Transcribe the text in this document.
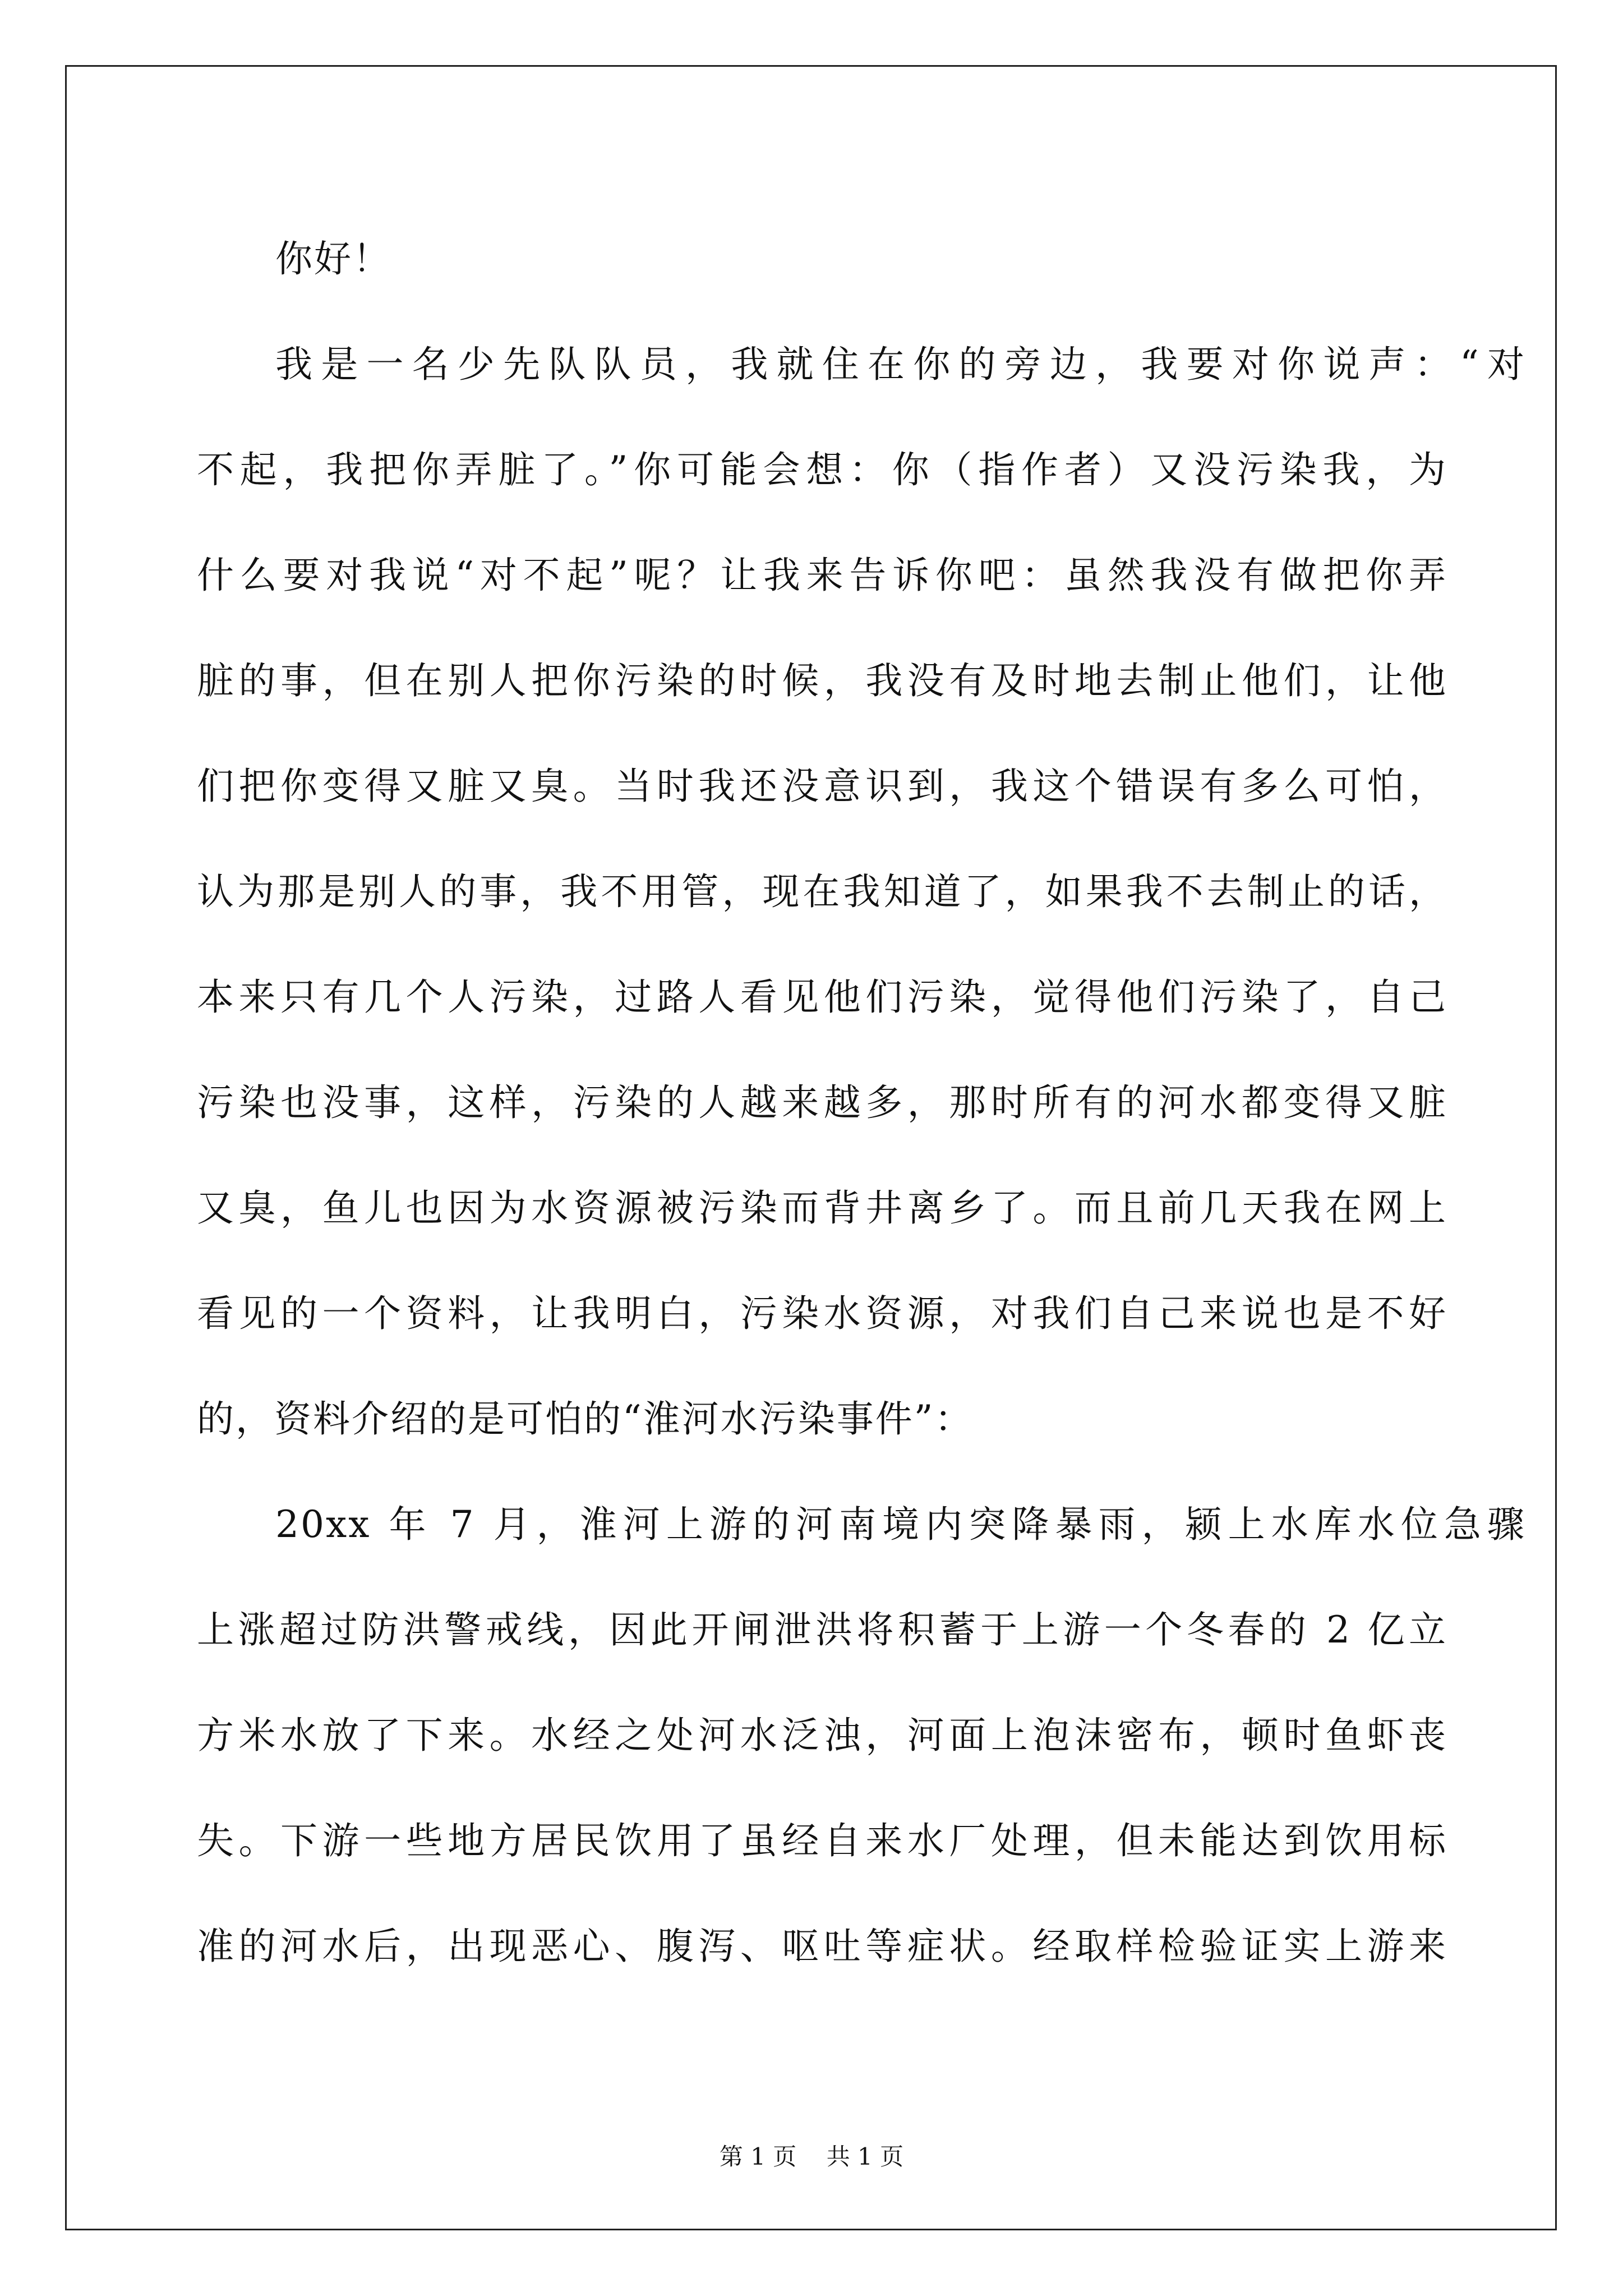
你好！
我是一名少先队队员，我就住在你的旁边，我要对你说声：“对
不起，我把你弄脏了。”你可能会想：你（指作者）又没污染我，为
什么要对我说“对不起”呢？让我来告诉你吧：虽然我没有做把你弄
脏的事，但在别人把你污染的时候，我没有及时地去制止他们，让他
们把你变得又脏又臭。当时我还没意识到，我这个错误有多么可怕，
认为那是别人的事，我不用管，现在我知道了，如果我不去制止的话，
本来只有几个人污染，过路人看见他们污染，觉得他们污染了，自己
污染也没事，这样，污染的人越来越多，那时所有的河水都变得又脏
又臭，鱼儿也因为水资源被污染而背井离乡了。而且前几天我在网上
看见的一个资料，让我明白，污染水资源，对我们自己来说也是不好
的，资料介绍的是可怕的“淮河水污染事件”：
20xx 年 7 月，淮河上游的河南境内突降暴雨，颍上水库水位急骤
上涨超过防洪警戒线，因此开闸泄洪将积蓄于上游一个冬春的 2 亿立
方米水放了下来。水经之处河水泛浊，河面上泡沫密布，顿时鱼虾丧
失。下游一些地方居民饮用了虽经自来水厂处理，但未能达到饮用标
准的河水后，出现恶心、腹泻、呕吐等症状。经取样检验证实上游来
第 1 页    共 1 页
